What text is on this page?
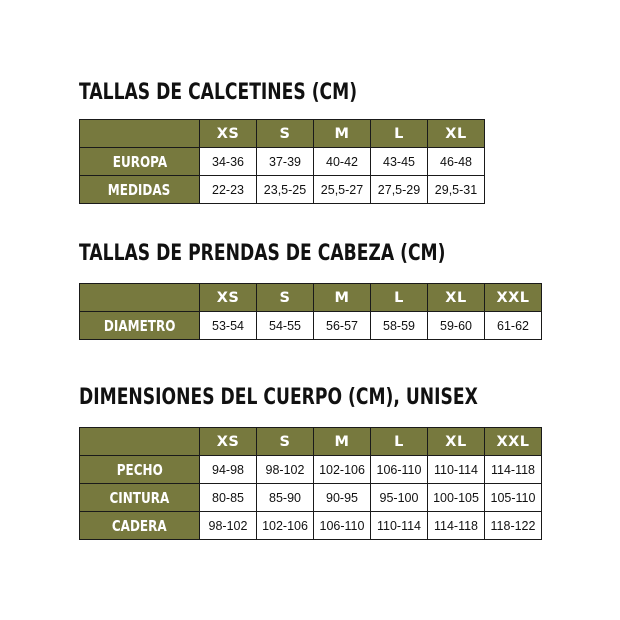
TALLAS DE CALCETINES (CM)
	XS	S	M	L	XL
EUROPA	34-36	37-39	40-42	43-45	46-48
MEDIDAS	22-23	23,5-25	25,5-27	27,5-29	29,5-31
TALLAS DE PRENDAS DE CABEZA (CM)
	XS	S	M	L	XL	XXL
DIAMETRO	53-54	54-55	56-57	58-59	59-60	61-62
DIMENSIONES DEL CUERPO (CM), UNISEX
	XS	S	M	L	XL	XXL
PECHO	94-98	98-102	102-106	106-110	110-114	114-118
CINTURA	80-85	85-90	90-95	95-100	100-105	105-110
CADERA	98-102	102-106	106-110	110-114	114-118	118-122
